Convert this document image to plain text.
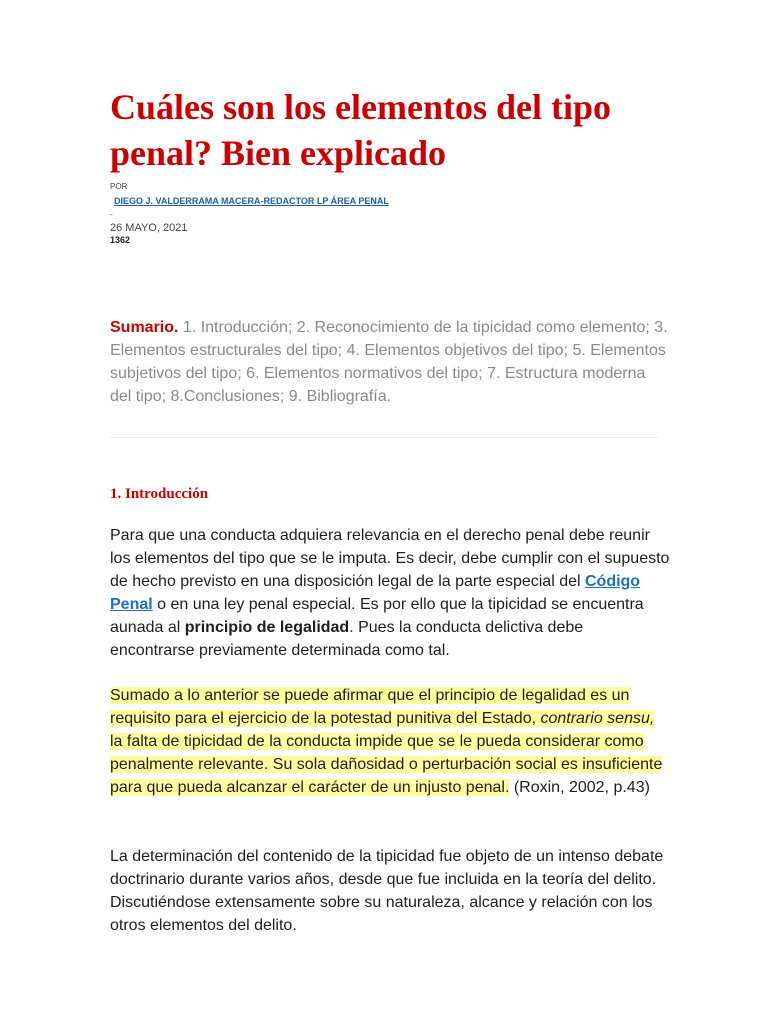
Cuáles son los elementos del tipo penal? Bien explicado
POR
DIEGO J. VALDERRAMA MACERA-REDACTOR LP ÁREA PENAL
-
26 MAYO, 2021
1362

Sumario. 1. Introducción; 2. Reconocimiento de la tipicidad como elemento; 3. Elementos estructurales del tipo; 4. Elementos objetivos del tipo; 5. Elementos subjetivos del tipo; 6. Elementos normativos del tipo; 7. Estructura moderna del tipo; 8.Conclusiones; 9. Bibliografía.

1. Introducción

Para que una conducta adquiera relevancia en el derecho penal debe reunir los elementos del tipo que se le imputa. Es decir, debe cumplir con el supuesto de hecho previsto en una disposición legal de la parte especial del Código Penal o en una ley penal especial. Es por ello que la tipicidad se encuentra aunada al principio de legalidad. Pues la conducta delictiva debe encontrarse previamente determinada como tal.

Sumado a lo anterior se puede afirmar que el principio de legalidad es un requisito para el ejercicio de la potestad punitiva del Estado, contrario sensu, la falta de tipicidad de la conducta impide que se le pueda considerar como penalmente relevante. Su sola dañosidad o perturbación social es insuficiente para que pueda alcanzar el carácter de un injusto penal. (Roxin, 2002, p.43)

La determinación del contenido de la tipicidad fue objeto de un intenso debate doctrinario durante varios años, desde que fue incluida en la teoría del delito. Discutiéndose extensamente sobre su naturaleza, alcance y relación con los otros elementos del delito.
